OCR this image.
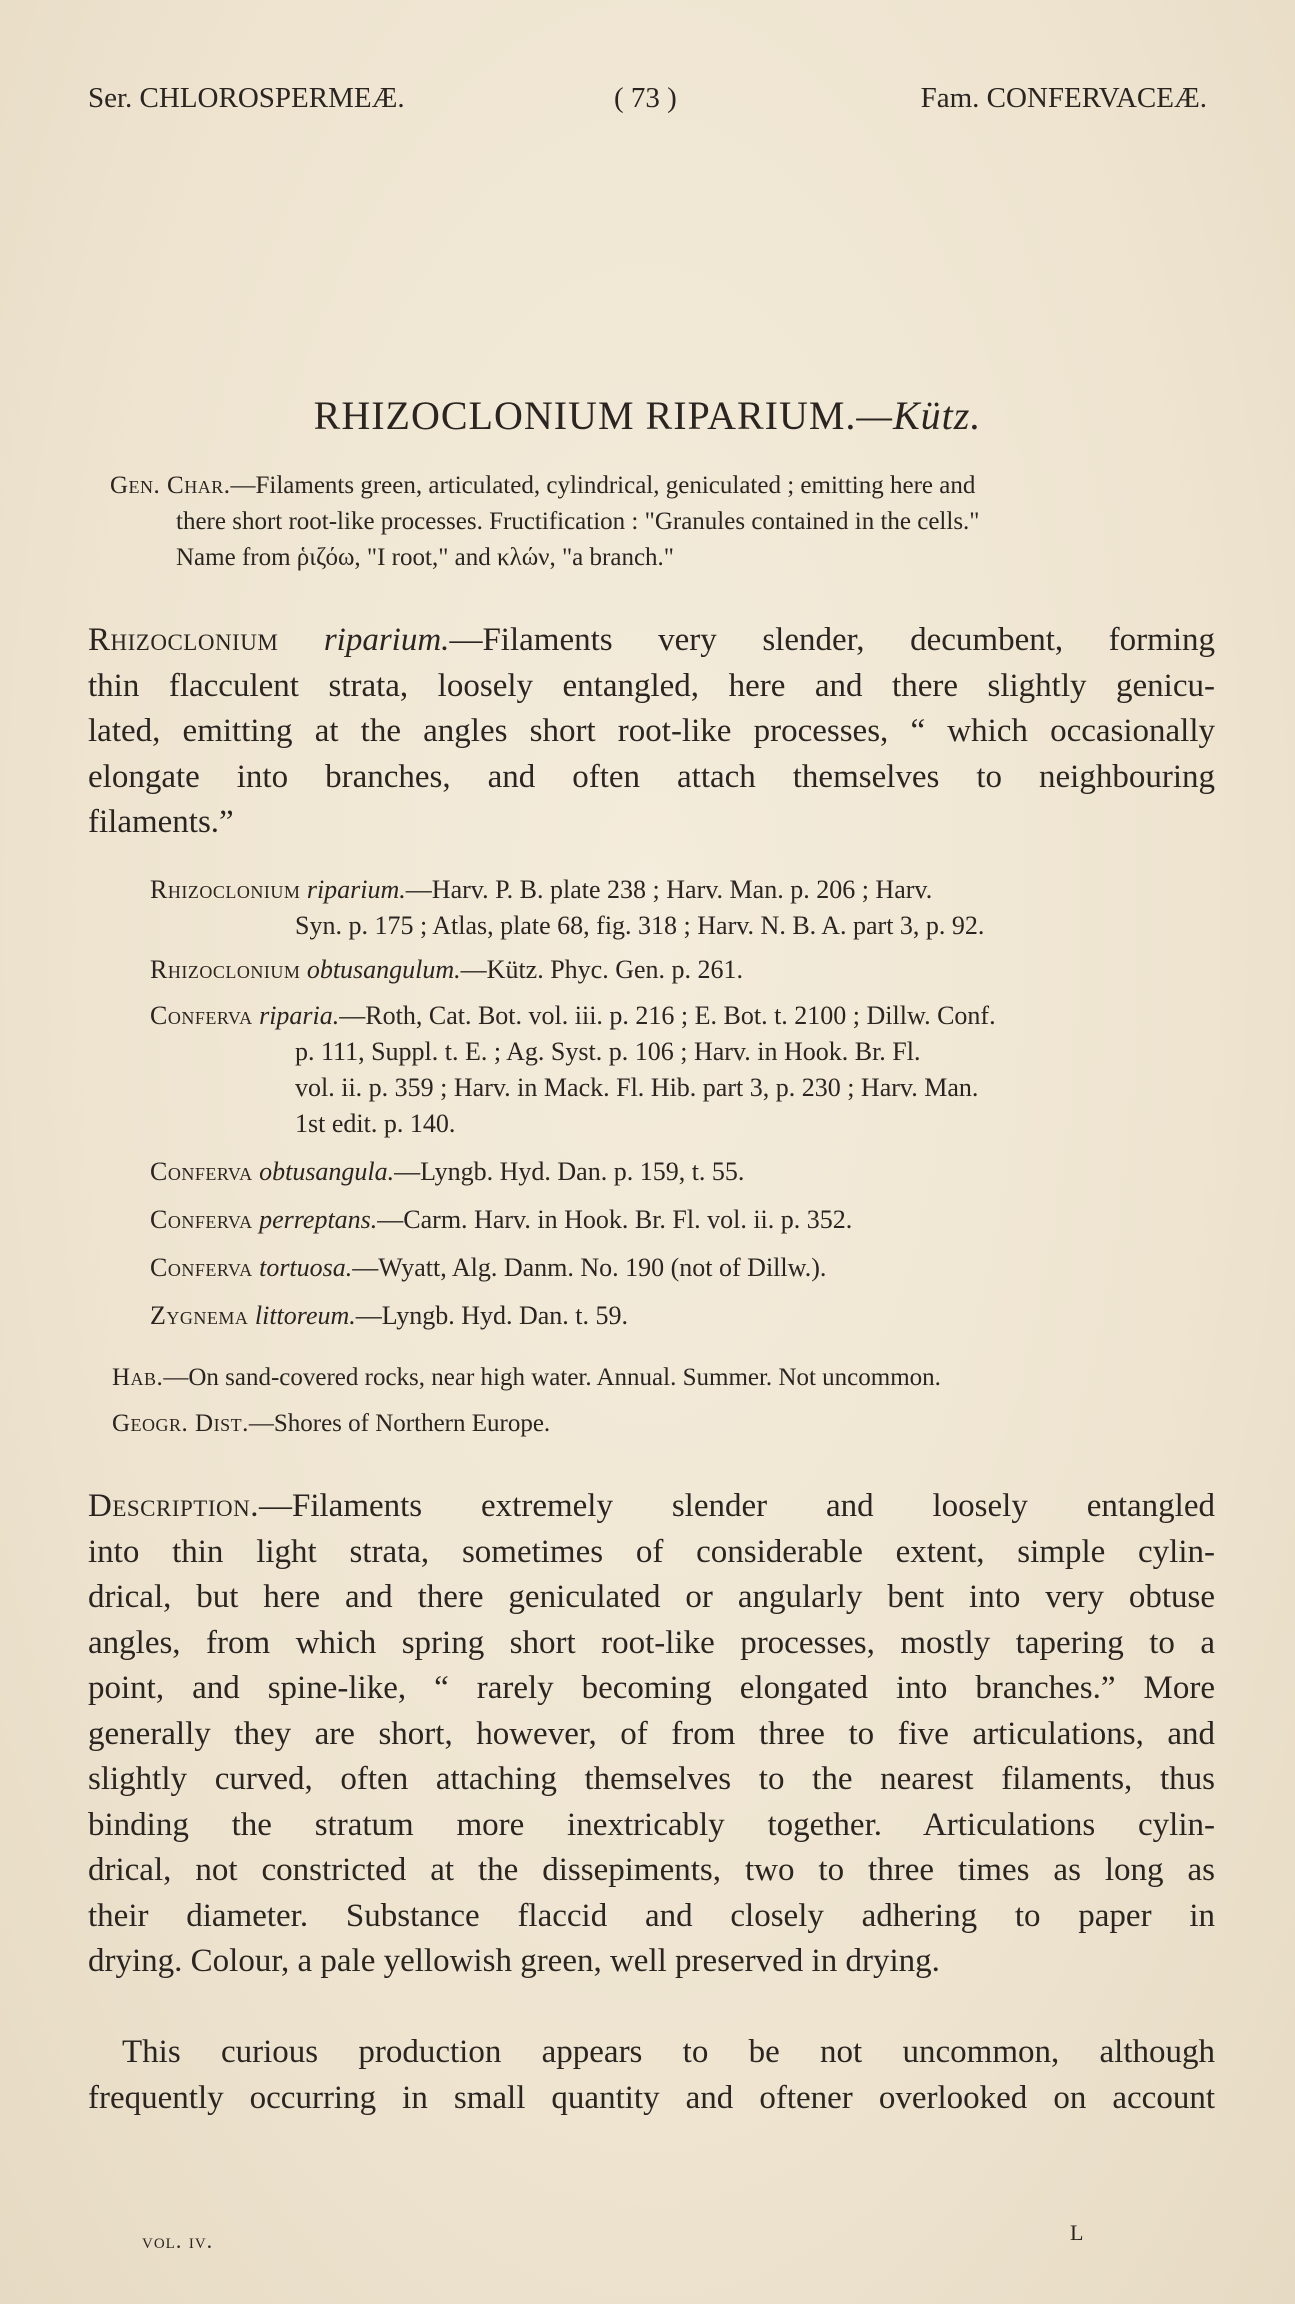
Ser. CHLOROSPERMEÆ.	( 73 )	Fam. CONFERVACEÆ.
RHIZOCLONIUM RIPARIUM.—Kütz.
Gen. Char.—Filaments green, articulated, cylindrical, geniculated ; emitting here and
there short root-like processes. Fructification : "Granules contained in the cells."
Name from ῥιζόω, "I root," and κλών, "a branch."
Rhizoclonium riparium.—Filaments very slender, decumbent, forming
thin flacculent strata, loosely entangled, here and there slightly genicu-
lated, emitting at the angles short root-like processes, “ which occasionally
elongate into branches, and often attach themselves to neighbouring
filaments.”
Rhizoclonium riparium.—Harv. P. B. plate 238 ; Harv. Man. p. 206 ; Harv.
Syn. p. 175 ; Atlas, plate 68, fig. 318 ; Harv. N. B. A. part 3, p. 92.
Rhizoclonium obtusangulum.—Kütz. Phyc. Gen. p. 261.
Conferva riparia.—Roth, Cat. Bot. vol. iii. p. 216 ; E. Bot. t. 2100 ; Dillw. Conf.
p. 111, Suppl. t. E. ; Ag. Syst. p. 106 ; Harv. in Hook. Br. Fl.
vol. ii. p. 359 ; Harv. in Mack. Fl. Hib. part 3, p. 230 ; Harv. Man.
1st edit. p. 140.
Conferva obtusangula.—Lyngb. Hyd. Dan. p. 159, t. 55.
Conferva perreptans.—Carm. Harv. in Hook. Br. Fl. vol. ii. p. 352.
Conferva tortuosa.—Wyatt, Alg. Danm. No. 190 (not of Dillw.).
Zygnema littoreum.—Lyngb. Hyd. Dan. t. 59.
Hab.—On sand-covered rocks, near high water. Annual. Summer. Not uncommon.
Geogr. Dist.—Shores of Northern Europe.
Description.—Filaments extremely slender and loosely entangled
into thin light strata, sometimes of considerable extent, simple cylin-
drical, but here and there geniculated or angularly bent into very obtuse
angles, from which spring short root-like processes, mostly tapering to a
point, and spine-like, “ rarely becoming elongated into branches.” More
generally they are short, however, of from three to five articulations, and
slightly curved, often attaching themselves to the nearest filaments, thus
binding the stratum more inextricably together. Articulations cylin-
drical, not constricted at the dissepiments, two to three times as long as
their diameter. Substance flaccid and closely adhering to paper in
drying. Colour, a pale yellowish green, well preserved in drying.
This curious production appears to be not uncommon, although
frequently occurring in small quantity and oftener overlooked on account
vol. iv.	L
